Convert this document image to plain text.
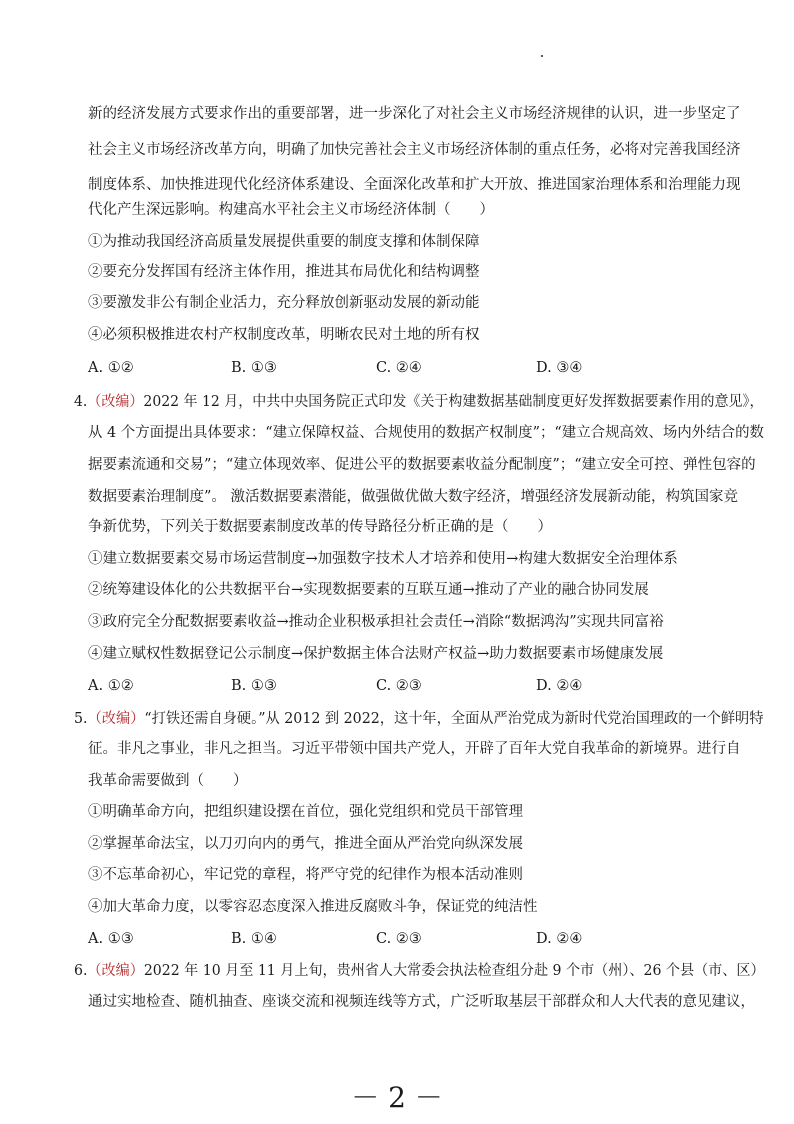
新的经济发展方式要求作出的重要部署，进一步深化了对社会主义市场经济规律的认识，进一步坚定了
社会主义市场经济改革方向，明确了加快完善社会主义市场经济体制的重点任务，必将对完善我国经济
制度体系、加快推进现代化经济体系建设、全面深化改革和扩大开放、推进国家治理体系和治理能力现
代化产生深远影响。构建高水平社会主义市场经济体制（　　）
①为推动我国经济高质量发展提供重要的制度支撑和体制保障
②要充分发挥国有经济主体作用，推进其布局优化和结构调整
③要激发非公有制企业活力，充分释放创新驱动发展的新动能
④必须积极推进农村产权制度改革，明晰农民对土地的所有权
A. ①②	B. ①③	C. ②④	D. ③④
4.（改编）2022 年 12 月，中共中央国务院正式印发《关于构建数据基础制度更好发挥数据要素作用的意见》，
从 4 个方面提出具体要求：“建立保障权益、合规使用的数据产权制度”；“建立合规高效、场内外结合的数
据要素流通和交易”；“建立体现效率、促进公平的数据要素收益分配制度”；“建立安全可控、弹性包容的
数据要素治理制度”。 激活数据要素潜能，做强做优做大数字经济，增强经济发展新动能，构筑国家竞
争新优势，下列关于数据要素制度改革的传导路径分析正确的是（　　）
①建立数据要素交易市场运营制度→加强数字技术人才培养和使用→构建大数据安全治理体系
②统筹建设体化的公共数据平台→实现数据要素的互联互通→推动了产业的融合协同发展
③政府完全分配数据要素收益→推动企业积极承担社会责任→消除“数据鸿沟”实现共同富裕
④建立赋权性数据登记公示制度→保护数据主体合法财产权益→助力数据要素市场健康发展
A. ①②	B. ①③	C. ②③	D. ②④
5.（改编）“打铁还需自身硬。”从 2012 到 2022，这十年，全面从严治党成为新时代党治国理政的一个鲜明特
征。非凡之事业，非凡之担当。习近平带领中国共产党人，开辟了百年大党自我革命的新境界。进行自
我革命需要做到（　　）
①明确革命方向，把组织建设摆在首位，强化党组织和党员干部管理
②掌握革命法宝，以刀刃向内的勇气，推进全面从严治党向纵深发展
③不忘革命初心，牢记党的章程，将严守党的纪律作为根本活动准则
④加大革命力度，以零容忍态度深入推进反腐败斗争，保证党的纯洁性
A. ①③	B. ①④	C. ②③	D. ②④
6.（改编）2022 年 10 月至 11 月上旬，贵州省人大常委会执法检查组分赴 9 个市（州）、26 个县（市、区）
通过实地检查、随机抽查、座谈交流和视频连线等方式，广泛听取基层干部群众和人大代表的意见建议，
－ 2 －
